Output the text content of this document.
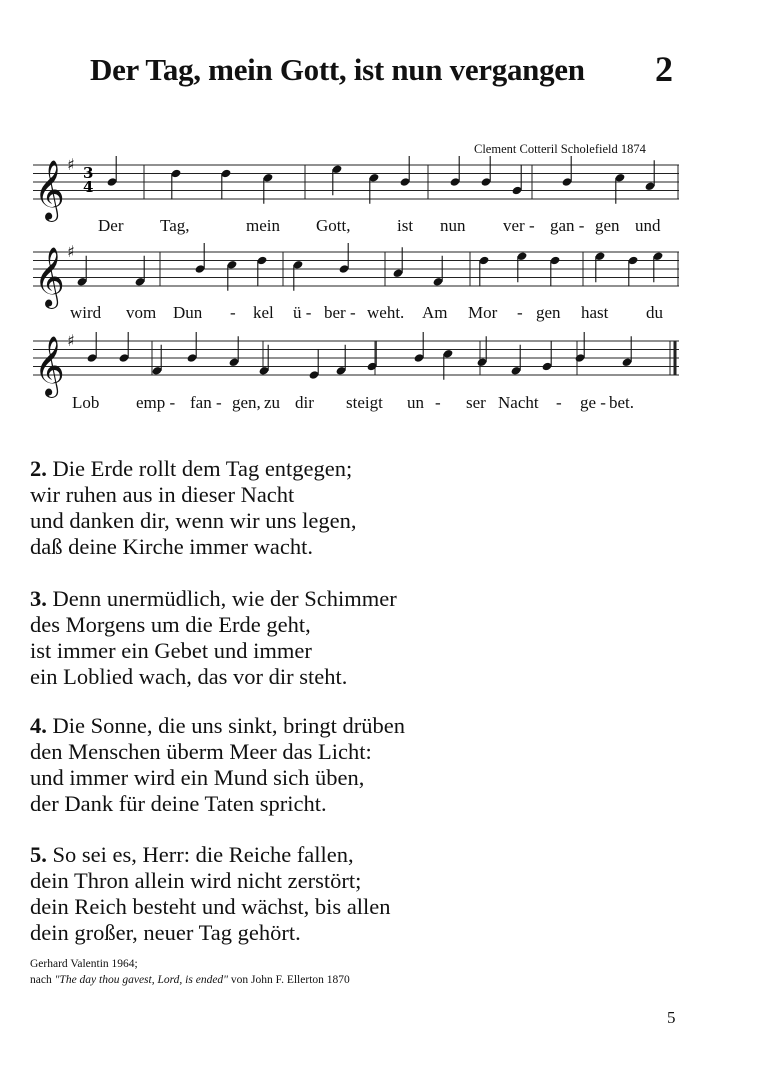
Der Tag, mein Gott, ist nun vergangen 2
Clement Cotteril Scholefield 1874
𝄞 ♯
𝄞 ♯
𝄞 ♯
3
4
Der Tag,	mein Gott,	ist nun ver - gan - gen und
wird vom Dun - kel ü - ber - weht. Am Mor - gen hast du
Lob emp - fan - gen, zu dir steigt un - ser Nacht - ge - bet.
2. Die Erde rollt dem Tag entgegen;
wir ruhen aus in dieser Nacht
und danken dir, wenn wir uns legen,
daß deine Kirche immer wacht.
3. Denn unermüdlich, wie der Schimmer
des Morgens um die Erde geht,
ist immer ein Gebet und immer
ein Loblied wach, das vor dir steht.
4. Die Sonne, die uns sinkt, bringt drüben
den Menschen überm Meer das Licht:
und immer wird ein Mund sich üben,
der Dank für deine Taten spricht.
5. So sei es, Herr: die Reiche fallen,
dein Thron allein wird nicht zerstört;
dein Reich besteht und wächst, bis allen
dein großer, neuer Tag gehört.
Gerhard Valentin 1964;
nach "The day thou gavest, Lord, is ended" von John F. Ellerton 1870
5
